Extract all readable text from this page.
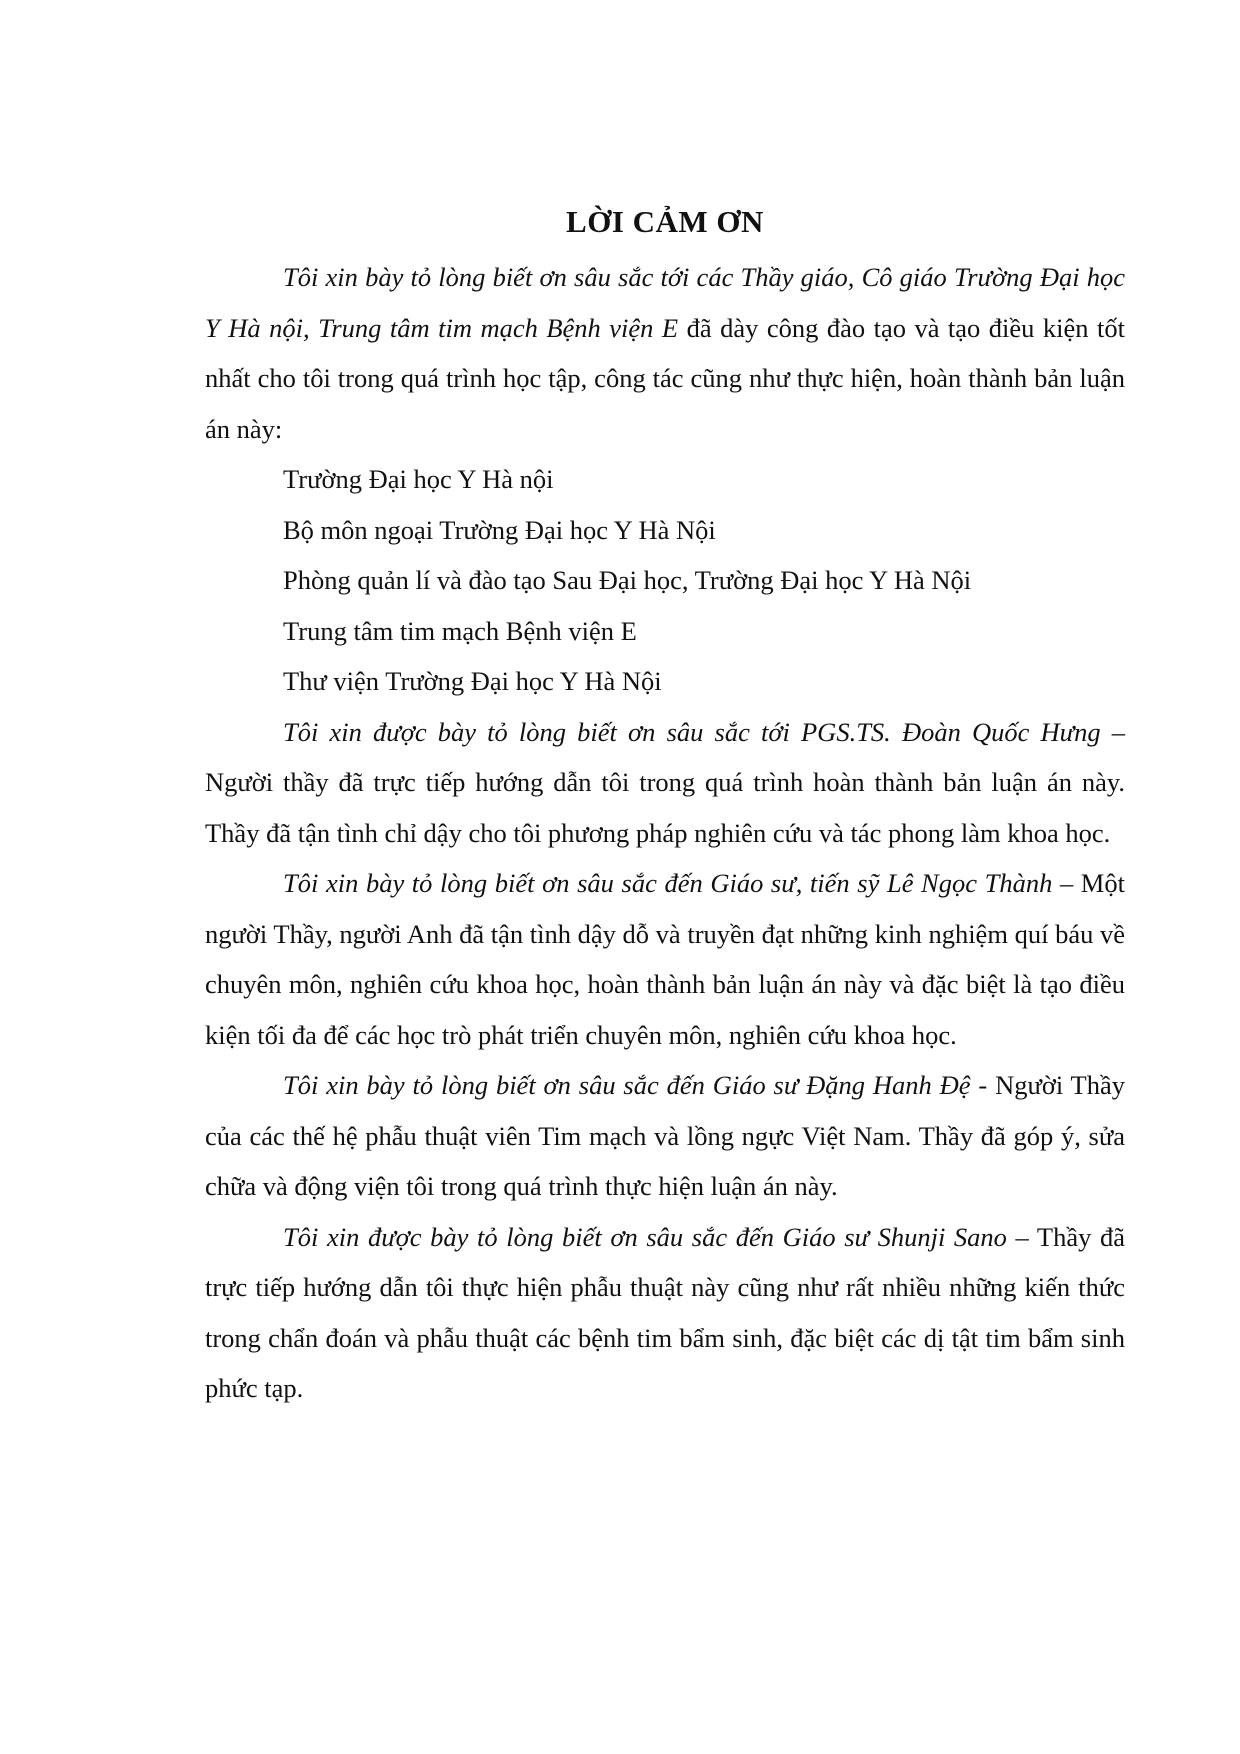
LỜI CẢM ƠN

Tôi xin bày tỏ lòng biết ơn sâu sắc tới các Thầy giáo, Cô giáo Trường Đại học Y Hà nội, Trung tâm tim mạch Bệnh viện E đã dày công đào tạo và tạo điều kiện tốt nhất cho tôi trong quá trình học tập, công tác cũng như thực hiện, hoàn thành bản luận án này:

Trường Đại học Y Hà nội

Bộ môn ngoại Trường Đại học Y Hà Nội

Phòng quản lí và đào tạo Sau Đại học, Trường Đại học Y Hà Nội

Trung tâm tim mạch Bệnh viện E

Thư viện Trường Đại học Y Hà Nội

Tôi xin được bày tỏ lòng biết ơn sâu sắc tới PGS.TS. Đoàn Quốc Hưng – Người thầy đã trực tiếp hướng dẫn tôi trong quá trình hoàn thành bản luận án này. Thầy đã tận tình chỉ dậy cho tôi phương pháp nghiên cứu và tác phong làm khoa học.

Tôi xin bày tỏ lòng biết ơn sâu sắc đến Giáo sư, tiến sỹ Lê Ngọc Thành – Một người Thầy, người Anh đã tận tình dậy dỗ và truyền đạt những kinh nghiệm quí báu về chuyên môn, nghiên cứu khoa học, hoàn thành bản luận án này và đặc biệt là tạo điều kiện tối đa để các học trò phát triển chuyên môn, nghiên cứu khoa học.

Tôi xin bày tỏ lòng biết ơn sâu sắc đến Giáo sư Đặng Hanh Đệ - Người Thầy của các thế hệ phẫu thuật viên Tim mạch và lồng ngực Việt Nam. Thầy đã góp ý, sửa chữa và động viện tôi trong quá trình thực hiện luận án này.

Tôi xin được bày tỏ lòng biết ơn sâu sắc đến Giáo sư Shunji Sano – Thầy đã trực tiếp hướng dẫn tôi thực hiện phẫu thuật này cũng như rất nhiều những kiến thức trong chẩn đoán và phẫu thuật các bệnh tim bẩm sinh, đặc biệt các dị tật tim bẩm sinh phức tạp.
